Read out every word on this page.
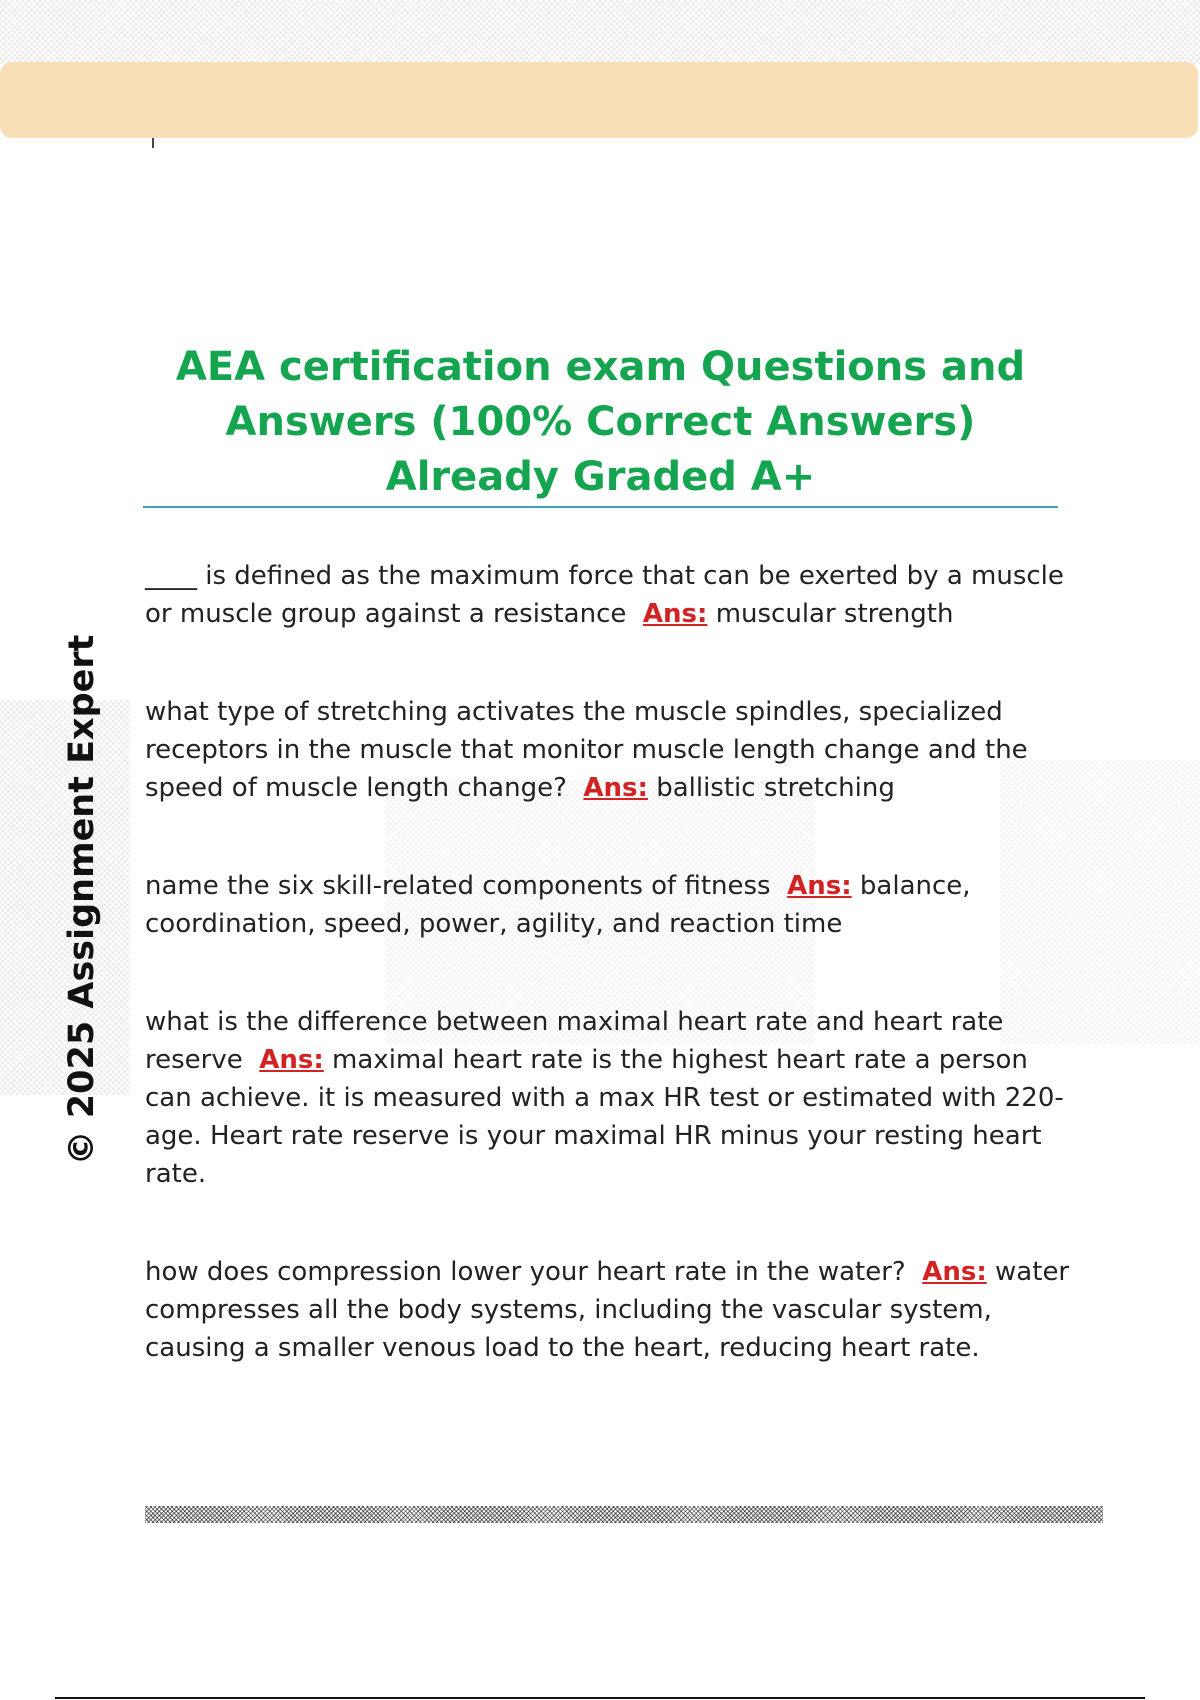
© 2025 Assignment Expert
AEA certification exam Questions and Answers (100% Correct Answers) Already Graded A+

____ is defined as the maximum force that can be exerted by a muscle or muscle group against a resistance Ans: muscular strength

what type of stretching activates the muscle spindles, specialized receptors in the muscle that monitor muscle length change and the speed of muscle length change? Ans: ballistic stretching

name the six skill-related components of fitness Ans: balance, coordination, speed, power, agility, and reaction time

what is the difference between maximal heart rate and heart rate reserve Ans: maximal heart rate is the highest heart rate a person can achieve. it is measured with a max HR test or estimated with 220- age. Heart rate reserve is your maximal HR minus your resting heart rate.

how does compression lower your heart rate in the water? Ans: water compresses all the body systems, including the vascular system, causing a smaller venous load to the heart, reducing heart rate.
